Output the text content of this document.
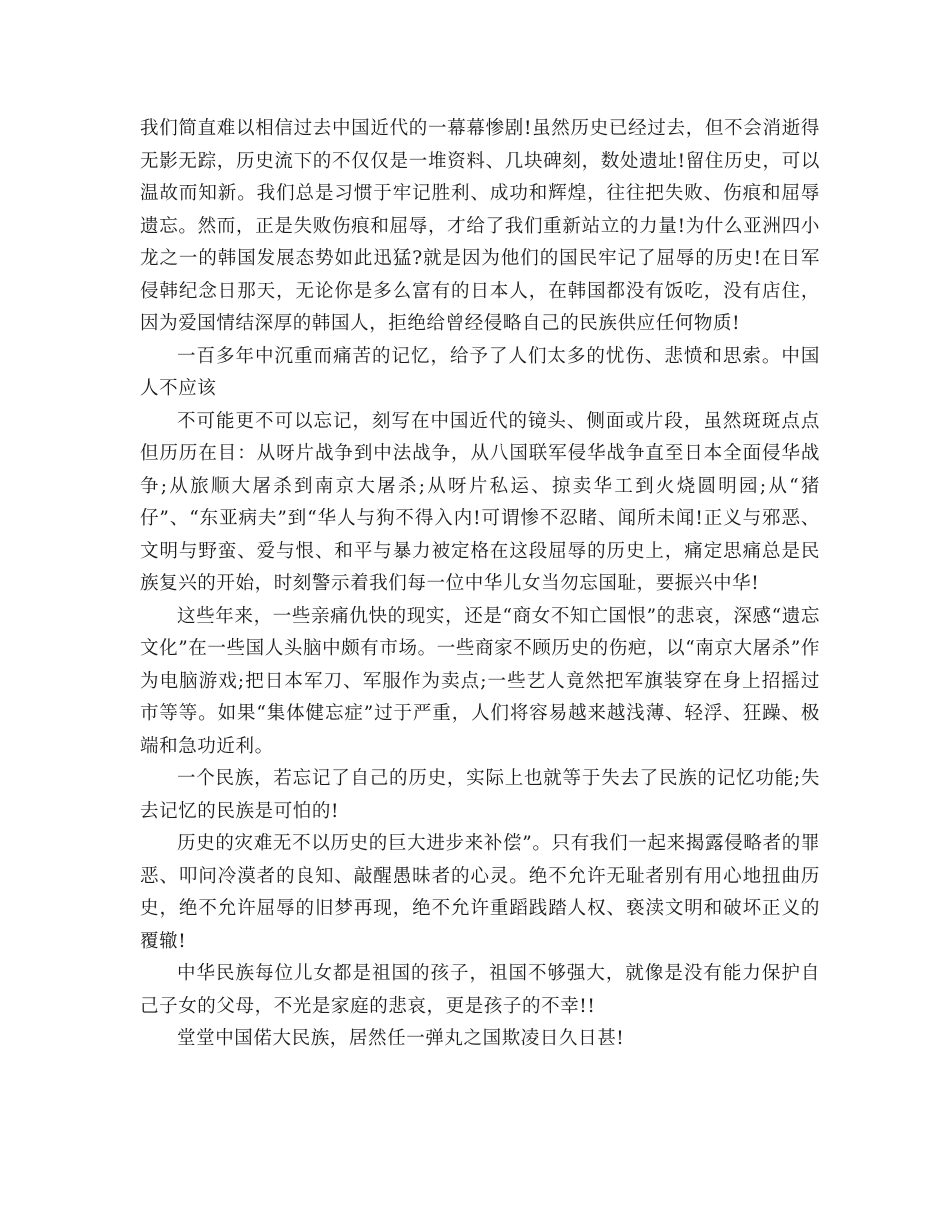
我们简直难以相信过去中国近代的一幕幕惨剧!虽然历史已经过去，但不会消逝得无影无踪，历史流下的不仅仅是一堆资料、几块碑刻，数处遗址!留住历史，可以温故而知新。我们总是习惯于牢记胜利、成功和辉煌，往往把失败、伤痕和屈辱遗忘。然而，正是失败伤痕和屈辱，才给了我们重新站立的力量!为什么亚洲四小龙之一的韩国发展态势如此迅猛?就是因为他们的国民牢记了屈辱的历史!在日军侵韩纪念日那天，无论你是多么富有的日本人，在韩国都没有饭吃，没有店住，因为爱国情结深厚的韩国人，拒绝给曾经侵略自己的民族供应任何物质!

一百多年中沉重而痛苦的记忆，给予了人们太多的忧伤、悲愤和思索。中国人不应该

不可能更不可以忘记，刻写在中国近代的镜头、侧面或片段，虽然斑斑点点但历历在目：从呀片战争到中法战争，从八国联军侵华战争直至日本全面侵华战争;从旅顺大屠杀到南京大屠杀;从呀片私运、掠卖华工到火烧圆明园;从“猪仔”、“东亚病夫”到“华人与狗不得入内!可谓惨不忍睹、闻所未闻!正义与邪恶、文明与野蛮、爱与恨、和平与暴力被定格在这段屈辱的历史上，痛定思痛总是民族复兴的开始，时刻警示着我们每一位中华儿女当勿忘国耻，要振兴中华!

这些年来，一些亲痛仇快的现实，还是“商女不知亡国恨”的悲哀，深感“遗忘文化”在一些国人头脑中颇有市场。一些商家不顾历史的伤疤，以“南京大屠杀”作为电脑游戏;把日本军刀、军服作为卖点;一些艺人竟然把军旗装穿在身上招摇过市等等。如果“集体健忘症”过于严重，人们将容易越来越浅薄、轻浮、狂躁、极端和急功近利。

一个民族，若忘记了自己的历史，实际上也就等于失去了民族的记忆功能;失去记忆的民族是可怕的!

历史的灾难无不以历史的巨大进步来补偿”。只有我们一起来揭露侵略者的罪恶、叩问冷漠者的良知、敲醒愚昧者的心灵。绝不允许无耻者别有用心地扭曲历史，绝不允许屈辱的旧梦再现，绝不允许重蹈践踏人权、亵渎文明和破坏正义的覆辙!

中华民族每位儿女都是祖国的孩子，祖国不够强大，就像是没有能力保护自己子女的父母，不光是家庭的悲哀，更是孩子的不幸!!

堂堂中国偌大民族，居然任一弹丸之国欺凌日久日甚!
